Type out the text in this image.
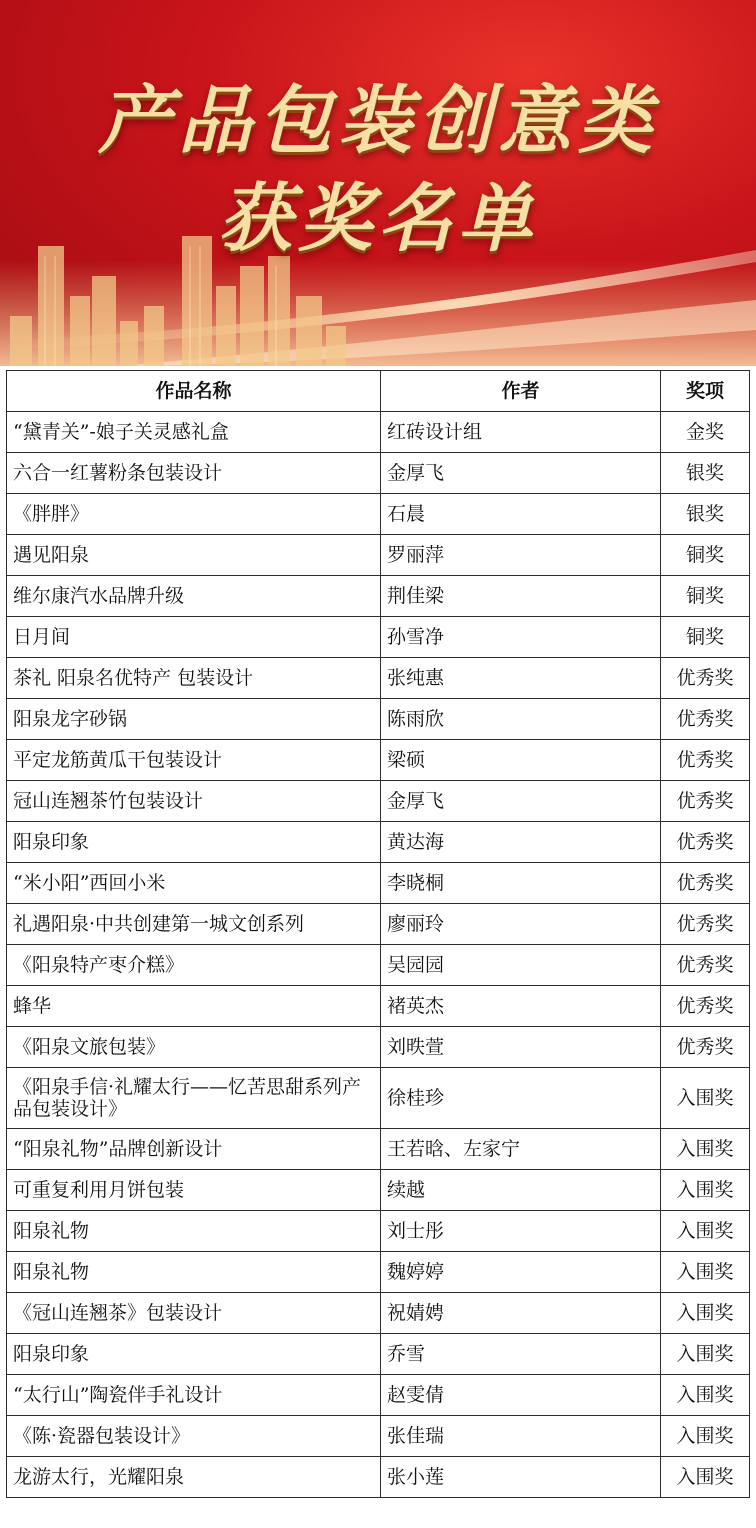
产品包装创意类
获奖名单
作品名称	作者	奖项
“黛青关”-娘子关灵感礼盒	红砖设计组	金奖
六合一红薯粉条包装设计	金厚飞	银奖
《胖胖》	石晨	银奖
遇见阳泉	罗丽萍	铜奖
维尔康汽水品牌升级	荆佳梁	铜奖
日月间	孙雪净	铜奖
茶礼 阳泉名优特产 包装设计	张纯惠	优秀奖
阳泉龙字砂锅	陈雨欣	优秀奖
平定龙筋黄瓜干包装设计	梁硕	优秀奖
冠山连翘茶竹包装设计	金厚飞	优秀奖
阳泉印象	黄达海	优秀奖
“米小阳”西回小米	李晓桐	优秀奖
礼遇阳泉·中共创建第一城文创系列	廖丽玲	优秀奖
《阳泉特产枣介糕》	吴园园	优秀奖
蜂华	褚英杰	优秀奖
《阳泉文旅包装》	刘昳萱	优秀奖
《阳泉手信·礼耀太行——忆苦思甜系列产品包装设计》	徐桂珍	入围奖
“阳泉礼物”品牌创新设计	王若晗、左家宁	入围奖
可重复利用月饼包装	续越	入围奖
阳泉礼物	刘士彤	入围奖
阳泉礼物	魏婷婷	入围奖
《冠山连翘茶》包装设计	祝婧娉	入围奖
阳泉印象	乔雪	入围奖
“太行山”陶瓷伴手礼设计	赵雯倩	入围奖
《陈·瓷器包装设计》	张佳瑞	入围奖
龙游太行，光耀阳泉	张小莲	入围奖
